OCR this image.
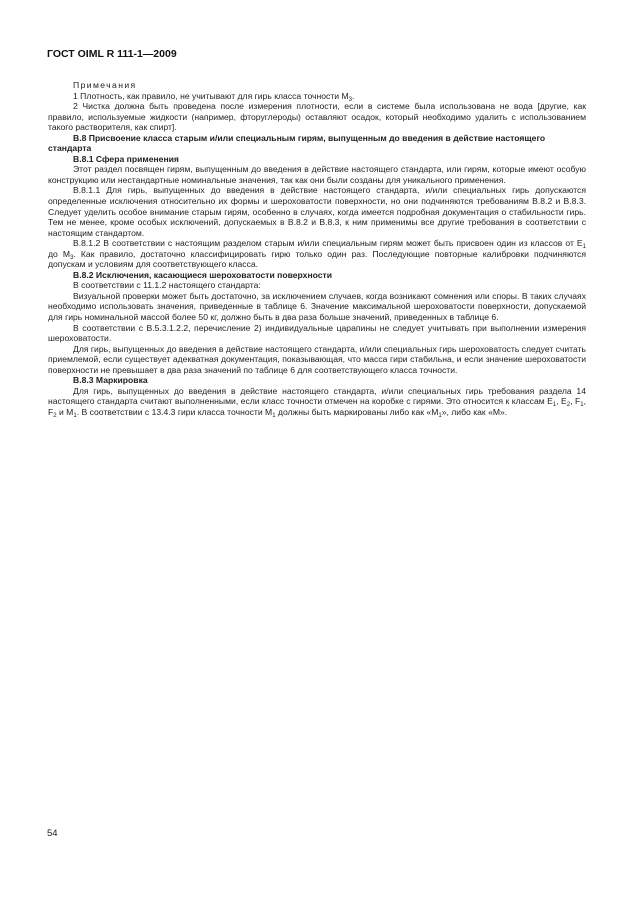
ГОСТ OIML R 111-1—2009

Примечания

1 Плотность, как правило, не учитывают для гирь класса точности $М_3$.

2 Чистка должна быть проведена после измерения плотности, если в системе была использована не вода [другие, как правило, используемые жидкости (например, фторуглероды) оставляют осадок, который необходимо удалить с использованием такого растворителя, как спирт].

В.8 Присвоение класса старым и/или специальным гирям, выпущенным до введения в действие настоящего стандарта

В.8.1 Сфера применения

Этот раздел посвящен гирям, выпущенным до введения в действие настоящего стандарта, или гирям, которые имеют особую конструкцию или нестандартные номинальные значения, так как они были созданы для уникального применения.

В.8.1.1 Для гирь, выпущенных до введения в действие настоящего стандарта, и/или специальных гирь допускаются определенные исключения относительно их формы и шероховатости поверхности, но они подчиняются требованиям В.8.2 и В.8.3. Следует уделить особое внимание старым гирям, особенно в случаях, когда имеется подробная документация о стабильности гирь. Тем не менее, кроме особых исключений, допускаемых в В.8.2 и В.8.3, к ним применимы все другие требования в соответствии с настоящим стандартом.

В.8.1.2 В соответствии с настоящим разделом старым и/или специальным гирям может быть присвоен один из классов от $Е_1$ до $М_3$. Как правило, достаточно классифицировать гирю только один раз. Последующие повторные калибровки подчиняются допускам и условиям для соответствующего класса.

В.8.2 Исключения, касающиеся шероховатости поверхности

В соответствии с 11.1.2 настоящего стандарта:

Визуальной проверки может быть достаточно, за исключением случаев, когда возникают сомнения или споры. В таких случаях необходимо использовать значения, приведенные в таблице 6. Значение максимальной шероховатости поверхности, допускаемой для гирь номинальной массой более 50 кг, должно быть в два раза больше значений, приведенных в таблице 6.

В соответствии с В.5.3.1.2.2, перечисление 2) индивидуальные царапины не следует учитывать при выполнении измерения шероховатости.

Для гирь, выпущенных до введения в действие настоящего стандарта, и/или специальных гирь шероховатость следует считать приемлемой, если существует адекватная документация, показывающая, что масса гири стабильна, и если значение шероховатости поверхности не превышает в два раза значений по таблице 6 для соответствующего класса точности.

В.8.3 Маркировка

Для гирь, выпущенных до введения в действие настоящего стандарта, и/или специальных гирь требования раздела 14 настоящего стандарта считают выполненными, если класс точности отмечен на коробке с гирями. Это относится к классам $Е_1$, $Е_2$, $F_1$, $F_2$ и $М_1$. В соответствии с 13.4.3 гири класса точности $М_1$ должны быть маркированы либо как «$М_1$», либо как «М».

54
